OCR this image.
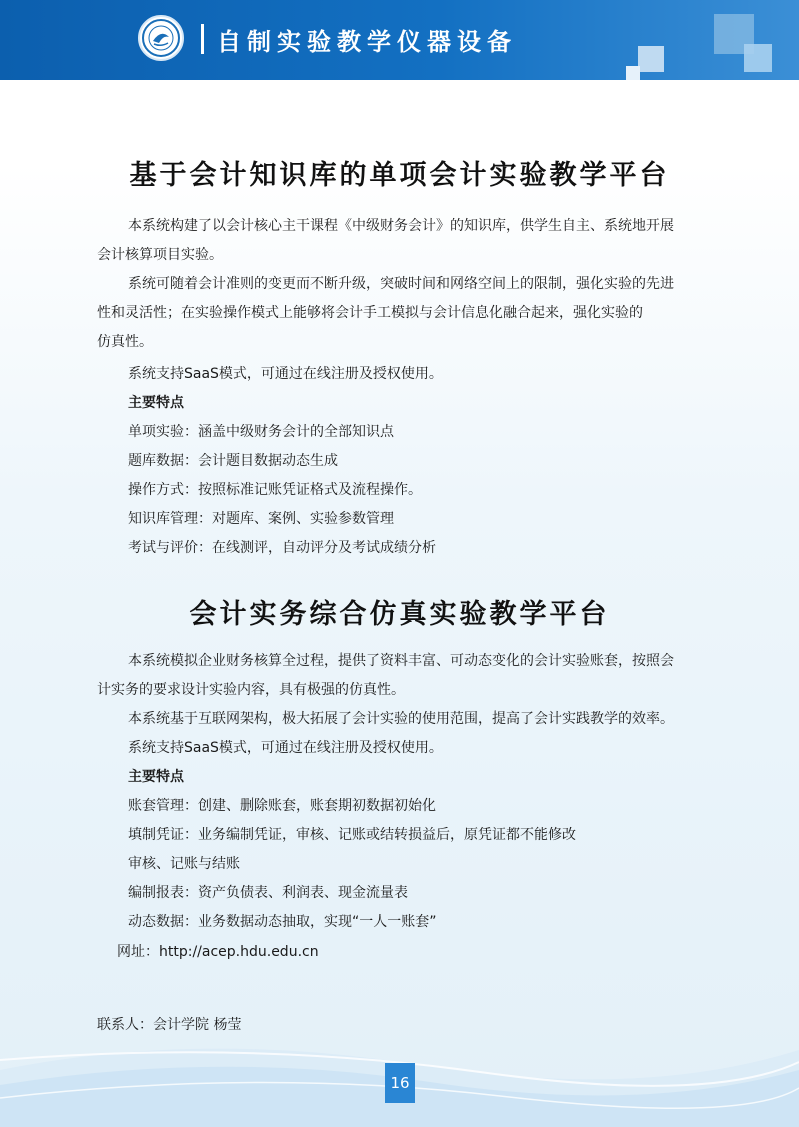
自制实验教学仪器设备
基于会计知识库的单项会计实验教学平台
本系统构建了以会计核心主干课程《中级财务会计》的知识库，供学生自主、系统地开展
会计核算项目实验。
系统可随着会计准则的变更而不断升级，突破时间和网络空间上的限制，强化实验的先进
性和灵活性；在实验操作模式上能够将会计手工模拟与会计信息化融合起来，强化实验的
仿真性。
系统支持SaaS模式，可通过在线注册及授权使用。
主要特点
单项实验：涵盖中级财务会计的全部知识点
题库数据：会计题目数据动态生成
操作方式：按照标准记账凭证格式及流程操作。
知识库管理：对题库、案例、实验参数管理
考试与评价：在线测评，自动评分及考试成绩分析
会计实务综合仿真实验教学平台
本系统模拟企业财务核算全过程，提供了资料丰富、可动态变化的会计实验账套，按照会
计实务的要求设计实验内容，具有极强的仿真性。
本系统基于互联网架构，极大拓展了会计实验的使用范围，提高了会计实践教学的效率。
系统支持SaaS模式，可通过在线注册及授权使用。
主要特点
账套管理：创建、删除账套，账套期初数据初始化
填制凭证：业务编制凭证，审核、记账或结转损益后，原凭证都不能修改
审核、记账与结账
编制报表：资产负债表、利润表、现金流量表
动态数据：业务数据动态抽取，实现“一人一账套”
网址：http://acep.hdu.edu.cn
联系人：会计学院 杨莹
16
